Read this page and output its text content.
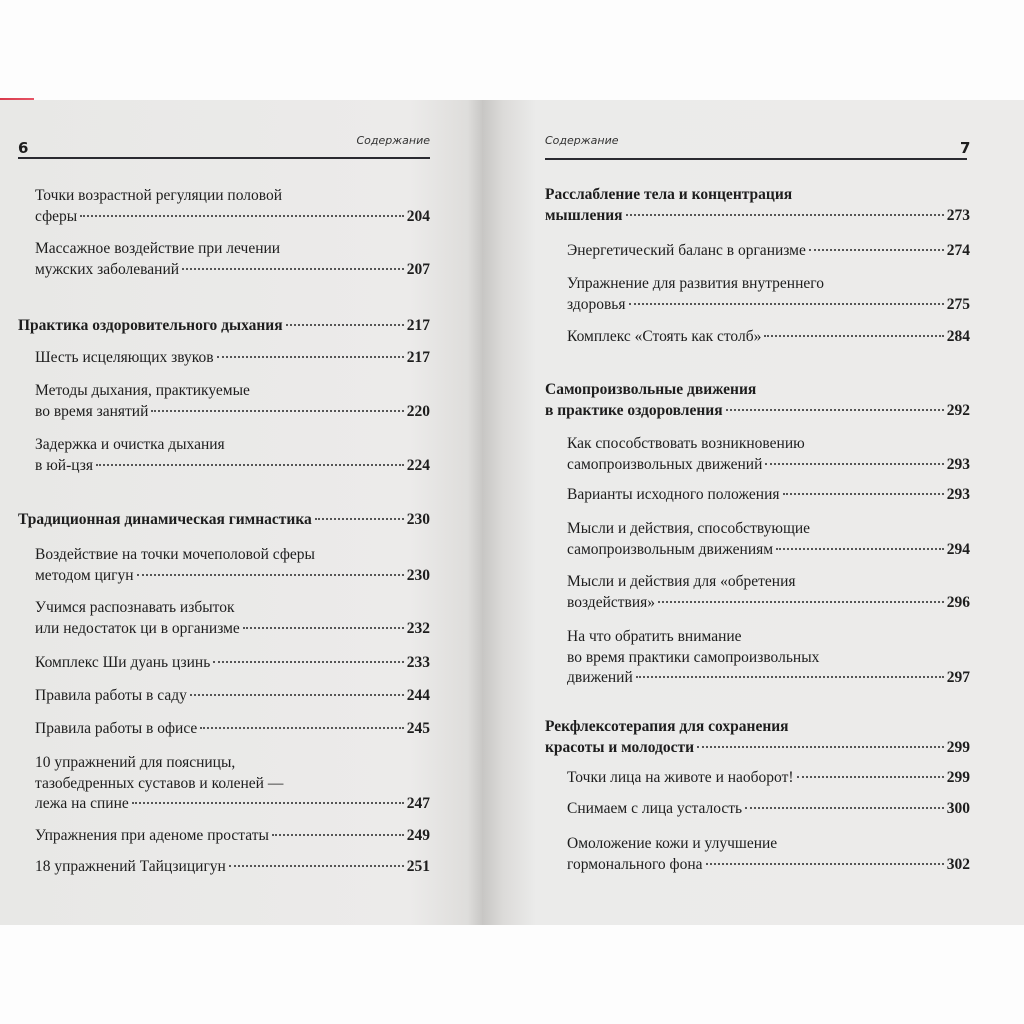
6	Содержание	Содержание	7
Точки возрастной регуляции половой
сферы	204
Массажное воздействие при лечении
мужских заболеваний	207
Практика оздоровительного дыхания	217
Шесть исцеляющих звуков	217
Методы дыхания, практикуемые
во время занятий	220
Задержка и очистка дыхания
в юй-цзя	224
Традиционная динамическая гимнастика	230
Воздействие на точки мочеполовой сферы
методом цигун	230
Учимся распознавать избыток
или недостаток ци в организме	232
Комплекс Ши дуань цзинь	233
Правила работы в саду	244
Правила работы в офисе	245
10 упражнений для поясницы,
тазобедренных суставов и коленей —
лежа на спине	247
Упражнения при аденоме простаты	249
18 упражнений Тайцзицигун	251
Расслабление тела и концентрация
мышления	273
Энергетический баланс в организме	274
Упражнение для развития внутреннего
здоровья	275
Комплекс «Стоять как столб»	284
Самопроизвольные движения
в практике оздоровления	292
Как способствовать возникновению
самопроизвольных движений	293
Варианты исходного положения	293
Мысли и действия, способствующие
самопроизвольным движениям	294
Мысли и действия для «обретения
воздействия»	296
На что обратить внимание
во время практики самопроизвольных
движений	297
Рекфлексотерапия для сохранения
красоты и молодости	299
Точки лица на животе и наоборот!	299
Снимаем с лица усталость	300
Омоложение кожи и улучшение
гормонального фона	302
